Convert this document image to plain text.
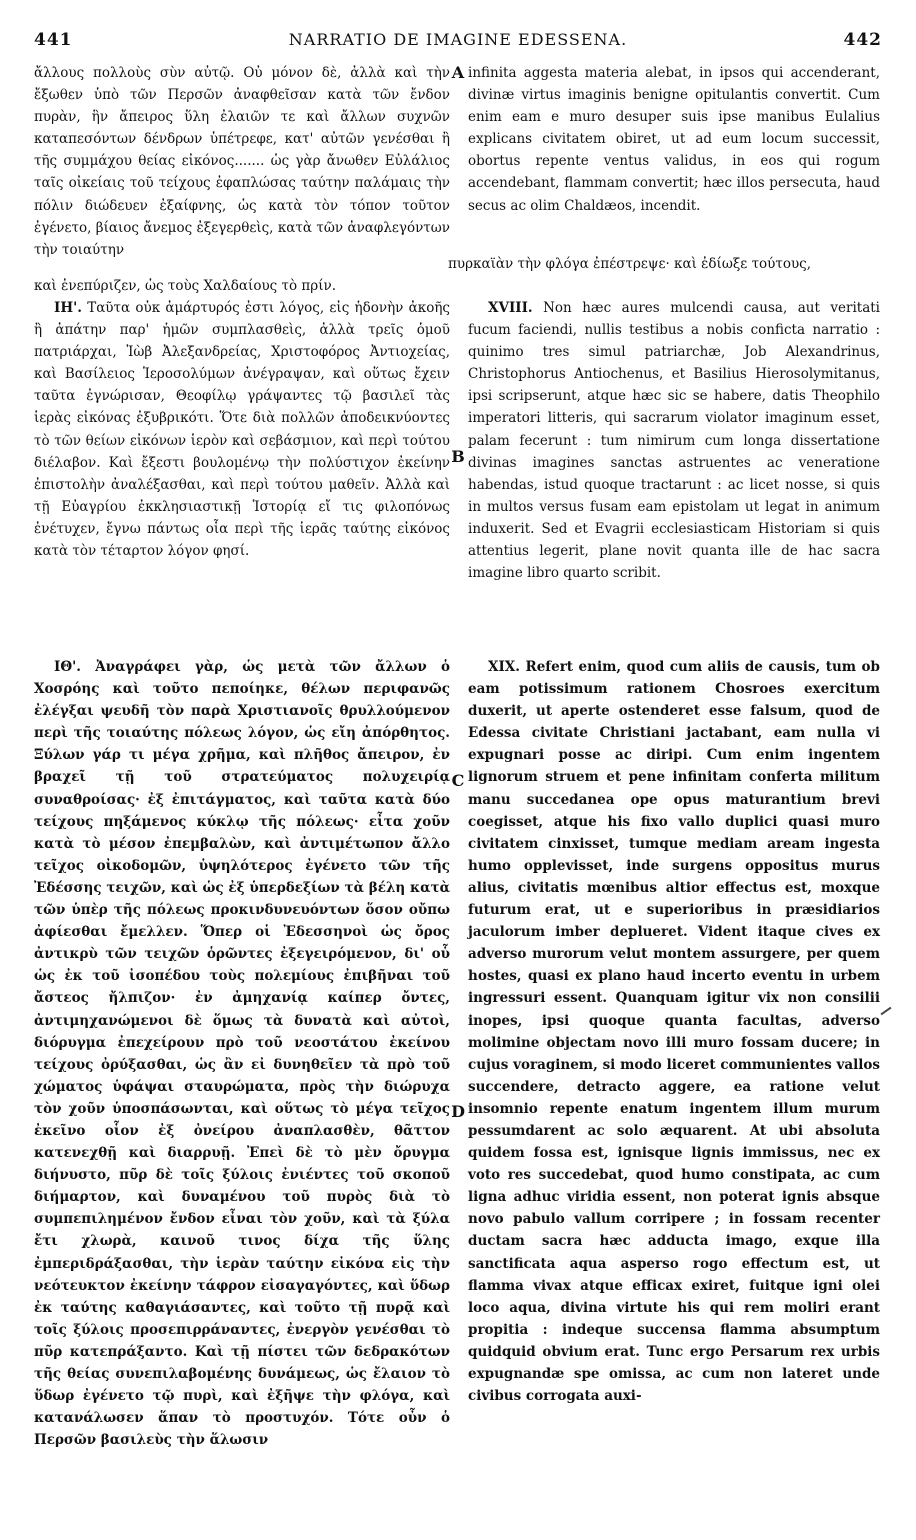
441	NARRATIO DE IMAGINE EDESSENA.	442

ἄλλους πολλοὺς σὺν αὐτῷ. Οὐ μόνον δὲ, ἀλλὰ καὶ τὴν ἔξωθεν ὑπὸ τῶν Περσῶν ἀναφθεῖσαν κατὰ τῶν ἔνδον πυρὰν, ἣν ἄπειρος ὕλη ἐλαιῶν τε καὶ ἄλλων συχνῶν καταπεσόντων δένδρων ὑπέτρεφε, κατ' αὐτῶν γενέσθαι ἢ τῆς συμμάχου θείας εἰκόνος....... ὡς γὰρ ἄνωθεν Εὐλάλιος ταῖς οἰκείαις τοῦ τείχους ἐφαπλώσας ταύτην παλάμαις τὴν πόλιν διώδευεν ἐξαίφνης, ὡς κατὰ τὸν τόπον τοῦτον ἐγένετο, βίαιος ἄνεμος ἐξεγερθεὶς, κατὰ τῶν ἀναφλεγόντων τὴν τοιαύτην

πυρκαϊὰν τὴν φλόγα ἐπέστρεψε· καὶ ἐδίωξε τούτους,

καὶ ἐνεπύριζεν, ὡς τοὺς Χαλδαίους τὸ πρίν.

infinita aggesta materia alebat, in ipsos qui accenderant, divinæ virtus imaginis benigne opitulantis convertit. Cum enim eam e muro desuper suis ipse manibus Eulalius explicans civitatem obiret, ut ad eum locum successit, obortus repente ventus validus, in eos qui rogum accendebant, flammam convertit; hæc illos persecuta, haud secus ac olim Chaldæos, incendit.

ΙΗ'. Ταῦτα οὐκ ἀμάρτυρός ἐστι λόγος, εἰς ἡδονὴν ἀκοῆς ἢ ἀπάτην παρ' ἡμῶν συμπλασθεὶς, ἀλλὰ τρεῖς ὁμοῦ πατριάρχαι, Ἰὼβ Ἀλεξανδρείας, Χριστοφόρος Ἀντιοχείας, καὶ Βασίλειος Ἱεροσολύμων ἀνέγραψαν, καὶ οὕτως ἔχειν ταῦτα ἐγνώρισαν, Θεοφίλῳ γράψαντες τῷ βασιλεῖ τὰς ἱερὰς εἰκόνας ἐξυβρικότι. Ὅτε διὰ πολλῶν ἀποδεικνύοντες τὸ τῶν θείων εἰκόνων ἱερὸν καὶ σεβάσμιον, καὶ περὶ τούτου διέλαβον. Καὶ ἔξεστι βουλομένῳ τὴν πολύστιχον ἐκείνην ἐπιστολὴν ἀναλέξασθαι, καὶ περὶ τούτου μαθεῖν. Ἀλλὰ καὶ τῇ Εὐαγρίου ἐκκλησιαστικῇ Ἱστορίᾳ εἴ τις φιλοπόνως ἐνέτυχεν, ἔγνω πάντως οἷα περὶ τῆς ἱερᾶς ταύτης εἰκόνος κατὰ τὸν τέταρτον λόγον φησί.

XVIII. Non hæc aures mulcendi causa, aut veritati fucum faciendi, nullis testibus a nobis conficta narratio : quinimo tres simul patriarchæ, Job Alexandrinus, Christophorus Antiochenus, et Basilius Hierosolymitanus, ipsi scripserunt, atque hæc sic se habere, datis Theophilo imperatori litteris, qui sacrarum violator imaginum esset, palam fecerunt : tum nimirum cum longa dissertatione divinas imagines sanctas astruentes ac veneratione habendas, istud quoque tractarunt : ac licet nosse, si quis in multos versus fusam eam epistolam ut legat in animum induxerit. Sed et Evagrii ecclesiasticam Historiam si quis attentius legerit, plane novit quanta ille de hac sacra imagine libro quarto scribit.

ΙΘ'. Ἀναγράφει γὰρ, ὡς μετὰ τῶν ἄλλων ὁ Χοσρόης καὶ τοῦτο πεποίηκε, θέλων περιφανῶς ἐλέγξαι ψευδῆ τὸν παρὰ Χριστιανοῖς θρυλλούμενον περὶ τῆς τοιαύτης πόλεως λόγον, ὡς εἴη ἀπόρθητος. Ξύλων γάρ τι μέγα χρῆμα, καὶ πλῆθος ἄπειρον, ἐν βραχεῖ τῇ τοῦ στρατεύματος πολυχειρίᾳ συναθροίσας· ἐξ ἐπιτάγματος, καὶ ταῦτα κατὰ δύο τείχους πηξάμενος κύκλῳ τῆς πόλεως· εἶτα χοῦν κατὰ τὸ μέσον ἐπεμβαλὼν, καὶ ἀντιμέτωπον ἄλλο τεῖχος οἰκοδομῶν, ὑψηλότερος ἐγένετο τῶν τῆς Ἐδέσσης τειχῶν, καὶ ὡς ἐξ ὑπερδεξίων τὰ βέλη κατὰ τῶν ὑπὲρ τῆς πόλεως προκινδυνευόντων ὅσον οὔπω ἀφίεσθαι ἔμελλεν. Ὅπερ οἱ Ἐδεσσηνοὶ ὡς ὄρος ἀντικρὺ τῶν τειχῶν ὁρῶντες ἐξεγειρόμενον, δι' οὗ ὡς ἐκ τοῦ ἰσοπέδου τοὺς πολεμίους ἐπιβῆναι τοῦ ἄστεος ἤλπιζον· ἐν ἀμηχανίᾳ καίπερ ὄντες, ἀντιμηχανώμενοι δὲ ὅμως τὰ δυνατὰ καὶ αὐτοὶ, διόρυγμα ἐπεχείρουν πρὸ τοῦ νεοστάτου ἐκείνου τείχους ὀρύξασθαι, ὡς ἂν εἰ δυνηθεῖεν τὰ πρὸ τοῦ χώματος ὑφάψαι σταυρώματα, πρὸς τὴν διώρυχα τὸν χοῦν ὑποσπάσωνται, καὶ οὕτως τὸ μέγα τεῖχος ἐκεῖνο οἷον ἐξ ὀνείρου ἀναπλασθὲν, θᾶττον κατενεχθῇ καὶ διαρρυῇ. Ἐπεὶ δὲ τὸ μὲν ὄρυγμα διήνυστο, πῦρ δὲ τοῖς ξύλοις ἐνιέντες τοῦ σκοποῦ διήμαρτον, καὶ δυναμένου τοῦ πυρὸς διὰ τὸ συμπεπιλημένον ἔνδον εἶναι τὸν χοῦν, καὶ τὰ ξύλα ἔτι χλωρὰ, καινοῦ τινος δίχα τῆς ὕλης ἐμπεριδράξασθαι, τὴν ἱερὰν ταύτην εἰκόνα εἰς τὴν νεότευκτον ἐκείνην τάφρον εἰσαγαγόντες, καὶ ὕδωρ ἐκ ταύτης καθαγιάσαντες, καὶ τοῦτο τῇ πυρᾷ καὶ τοῖς ξύλοις προσεπιρράναντες, ἐνεργὸν γενέσθαι τὸ πῦρ κατεπράξαντο. Καὶ τῇ πίστει τῶν δεδρακότων τῆς θείας συνεπιλαβομένης δυνάμεως, ὡς ἔλαιον τὸ ὕδωρ ἐγένετο τῷ πυρὶ, καὶ ἐξῆψε τὴν φλόγα, καὶ κατανάλωσεν ἅπαν τὸ προστυχόν. Τότε οὖν ὁ Περσῶν βασιλεὺς τὴν ἅλωσιν

XIX. Refert enim, quod cum aliis de causis, tum ob eam potissimum rationem Chosroes exercitum duxerit, ut aperte ostenderet esse falsum, quod de Edessa civitate Christiani jactabant, eam nulla vi expugnari posse ac diripi. Cum enim ingentem lignorum struem et pene infinitam conferta militum manu succedanea ope opus maturantium brevi coegisset, atque his fixo vallo duplici quasi muro civitatem cinxisset, tumque mediam aream ingesta humo opplevisset, inde surgens oppositus murus alius, civitatis mœnibus altior effectus est, moxque futurum erat, ut e superioribus in præsidiarios jaculorum imber deplueret. Vident itaque cives ex adverso murorum velut montem assurgere, per quem hostes, quasi ex plano haud incerto eventu in urbem ingressuri essent. Quanquam igitur vix non consilii inopes, ipsi quoque quanta facultas, adverso molimine objectam novo illi muro fossam ducere; in cujus voraginem, si modo liceret communientes vallos succendere, detracto aggere, ea ratione velut insomnio repente enatum ingentem illum murum pessumdarent ac solo æquarent. At ubi absoluta quidem fossa est, ignisque lignis immissus, nec ex voto res succedebat, quod humo constipata, ac cum ligna adhuc viridia essent, non poterat ignis absque novo pabulo vallum corripere ; in fossam recenter ductam sacra hæc adducta imago, exque illa sanctificata aqua asperso rogo effectum est, ut flamma vivax atque efficax exiret, fuitque igni olei loco aqua, divina virtute his qui rem moliri erant propitia : indeque succensa flamma absumptum quidquid obvium erat. Tunc ergo Persarum rex urbis expugnandæ spe omissa, ac cum non lateret unde civibus corrogata auxi-

A
B
C
D
